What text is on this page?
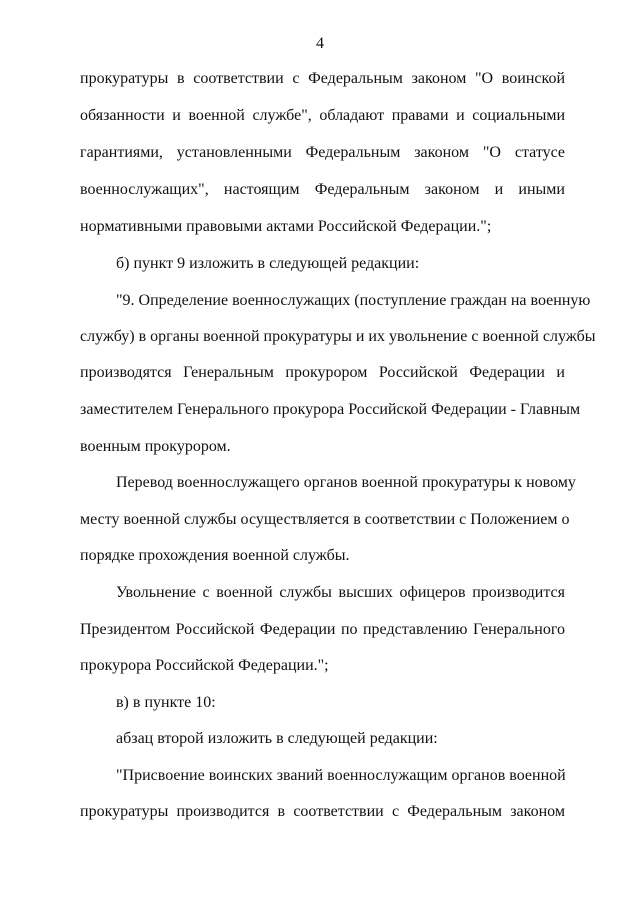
4
прокуратуры в соответствии с Федеральным законом "О воинской
обязанности и военной службе", обладают правами и социальными
гарантиями, установленными Федеральным законом "О статусе
военнослужащих", настоящим Федеральным законом и иными
нормативными правовыми актами Российской Федерации.";
б) пункт 9 изложить в следующей редакции:
"9. Определение военнослужащих (поступление граждан на военную
службу) в органы военной прокуратуры и их увольнение с военной службы
производятся Генеральным прокурором Российской Федерации и
заместителем Генерального прокурора Российской Федерации - Главным
военным прокурором.
Перевод военнослужащего органов военной прокуратуры к новому
месту военной службы осуществляется в соответствии с Положением о
порядке прохождения военной службы.
Увольнение с военной службы высших офицеров производится
Президентом Российской Федерации по представлению Генерального
прокурора Российской Федерации.";
в) в пункте 10:
абзац второй изложить в следующей редакции:
"Присвоение воинских званий военнослужащим органов военной
прокуратуры производится в соответствии с Федеральным законом
